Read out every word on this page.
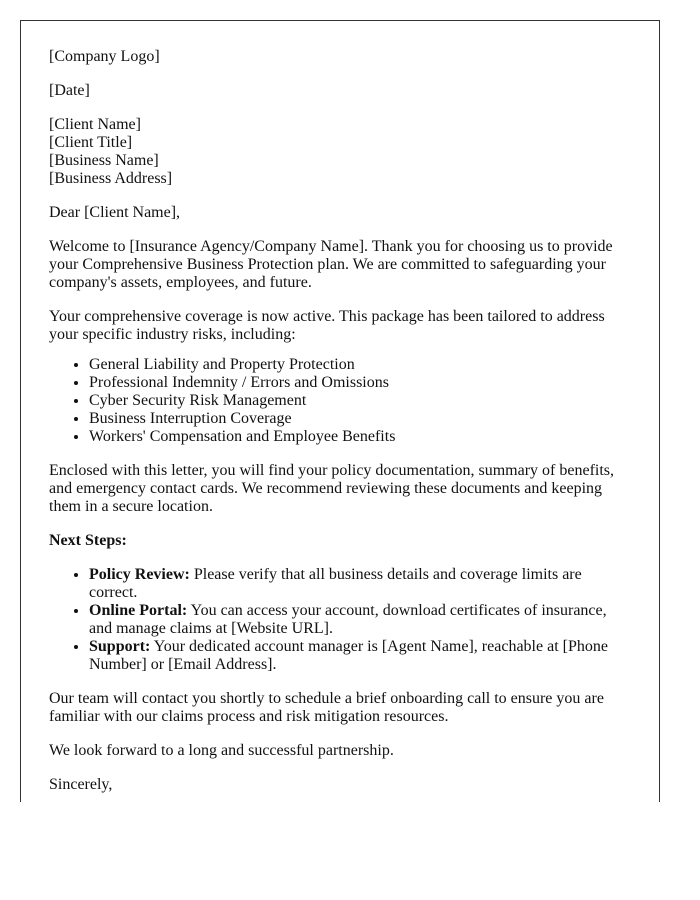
[Company Logo]

[Date]

[Client Name]
[Client Title]
[Business Name]
[Business Address]

Dear [Client Name],

Welcome to [Insurance Agency/Company Name]. Thank you for choosing us to provide your Comprehensive Business Protection plan. We are committed to safeguarding your company's assets, employees, and future.

Your comprehensive coverage is now active. This package has been tailored to address your specific industry risks, including:

• General Liability and Property Protection
• Professional Indemnity / Errors and Omissions
• Cyber Security Risk Management
• Business Interruption Coverage
• Workers' Compensation and Employee Benefits

Enclosed with this letter, you will find your policy documentation, summary of benefits, and emergency contact cards. We recommend reviewing these documents and keeping them in a secure location.

Next Steps:

• Policy Review: Please verify that all business details and coverage limits are correct.
• Online Portal: You can access your account, download certificates of insurance, and manage claims at [Website URL].
• Support: Your dedicated account manager is [Agent Name], reachable at [Phone Number] or [Email Address].

Our team will contact you shortly to schedule a brief onboarding call to ensure you are familiar with our claims process and risk mitigation resources.

We look forward to a long and successful partnership.

Sincerely,
